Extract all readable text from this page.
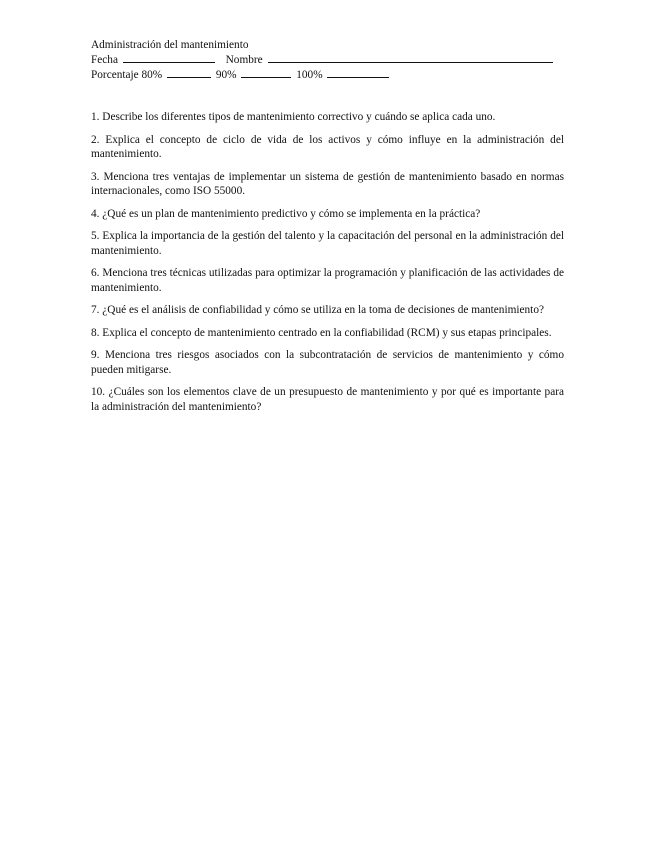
Administración del mantenimiento

Fecha	Nombre

Porcentaje 80%	90%	100%

1. Describe los diferentes tipos de mantenimiento correctivo y cuándo se aplica cada uno.

2. Explica el concepto de ciclo de vida de los activos y cómo influye en la administración del mantenimiento.

3. Menciona tres ventajas de implementar un sistema de gestión de mantenimiento basado en normas internacionales, como ISO 55000.

4. ¿Qué es un plan de mantenimiento predictivo y cómo se implementa en la práctica?

5. Explica la importancia de la gestión del talento y la capacitación del personal en la administración del mantenimiento.

6. Menciona tres técnicas utilizadas para optimizar la programación y planificación de las actividades de mantenimiento.

7. ¿Qué es el análisis de confiabilidad y cómo se utiliza en la toma de decisiones de mantenimiento?

8. Explica el concepto de mantenimiento centrado en la confiabilidad (RCM) y sus etapas principales.

9. Menciona tres riesgos asociados con la subcontratación de servicios de mantenimiento y cómo pueden mitigarse.

10. ¿Cuáles son los elementos clave de un presupuesto de mantenimiento y por qué es importante para la administración del mantenimiento?
